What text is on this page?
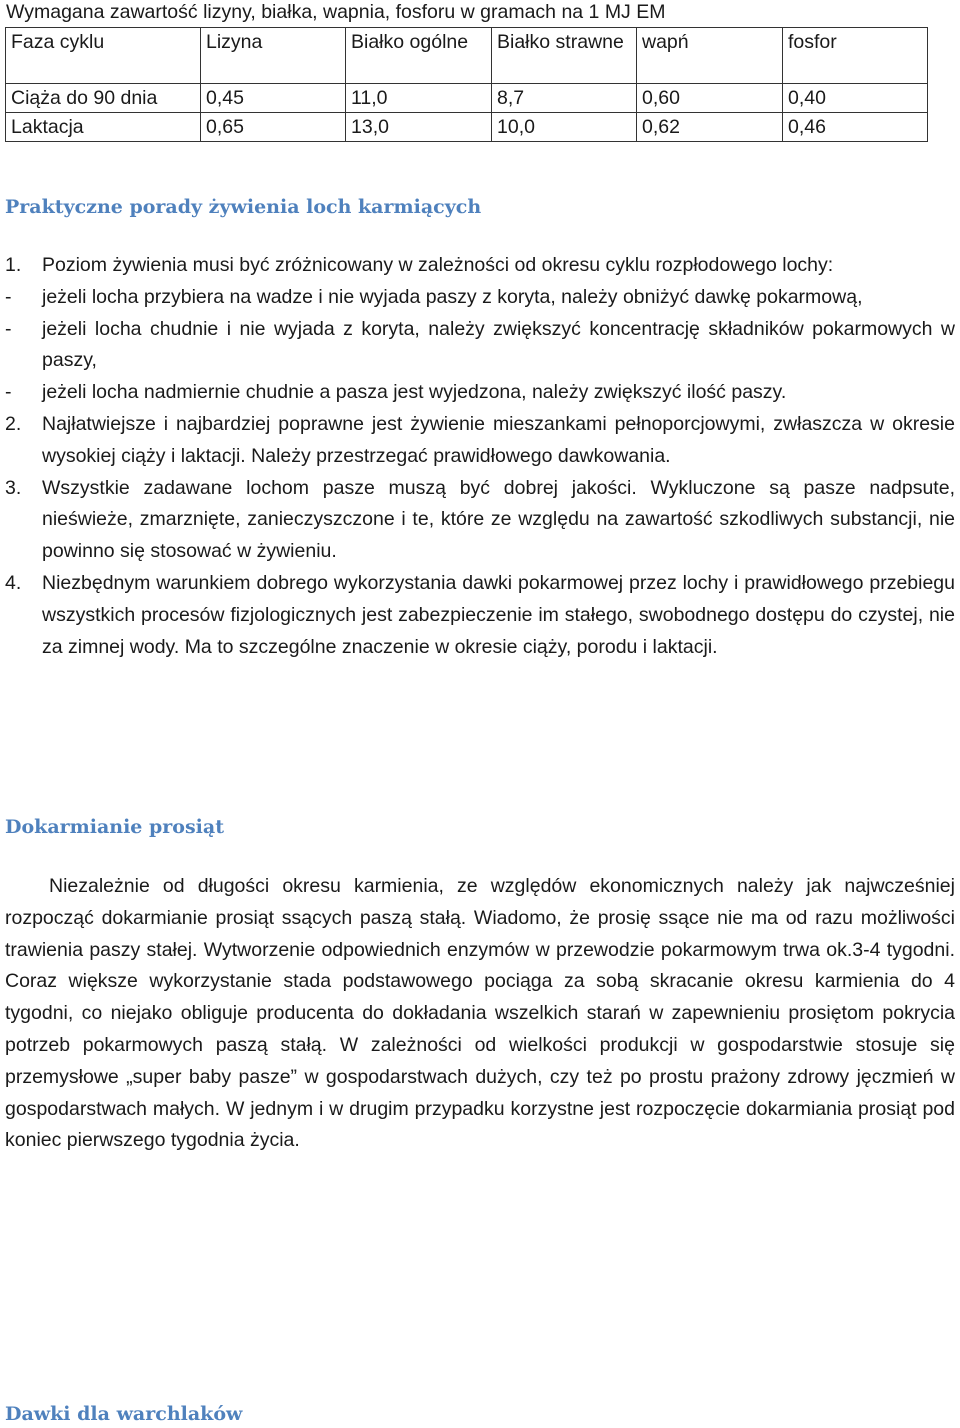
Wymagana zawartość lizyny, białka, wapnia, fosforu w gramach na 1 MJ EM
Faza cyklu	Lizyna	Białko ogólne	Białko strawne	wapń	fosfor
Ciąża do 90 dnia	0,45	11,0	8,7	0,60	0,40
Laktacja	0,65	13,0	10,0	0,62	0,46
Praktyczne porady żywienia loch karmiących
1.	Poziom żywienia musi być zróżnicowany w zależności od okresu cyklu rozpłodowego lochy:
-	jeżeli locha przybiera na wadze i nie wyjada paszy z koryta, należy obniżyć dawkę pokarmową,
-	jeżeli locha chudnie i nie wyjada z koryta, należy zwiększyć koncentrację składników pokarmowych w paszy,
-	jeżeli locha nadmiernie chudnie a pasza jest wyjedzona, należy zwiększyć ilość paszy.
2.	Najłatwiejsze i najbardziej poprawne jest żywienie mieszankami pełnoporcjowymi, zwłaszcza w okresie wysokiej ciąży i laktacji. Należy przestrzegać prawidłowego dawkowania.
3.	Wszystkie zadawane lochom pasze muszą być dobrej jakości. Wykluczone są pasze nadpsute, nieświeże, zmarznięte, zanieczyszczone i te, które ze względu na zawartość szkodliwych substancji, nie powinno się stosować w żywieniu.
4.	Niezbędnym warunkiem dobrego wykorzystania dawki pokarmowej przez lochy i prawidłowego przebiegu wszystkich procesów fizjologicznych jest zabezpieczenie im stałego, swobodnego dostępu do czystej, nie za zimnej wody. Ma to szczególne znaczenie w okresie ciąży, porodu i laktacji.
Dokarmianie prosiąt
Niezależnie od długości okresu karmienia, ze względów ekonomicznych należy jak najwcześniej rozpocząć dokarmianie prosiąt ssących paszą stałą. Wiadomo, że prosię ssące nie ma od razu możliwości trawienia paszy stałej. Wytworzenie odpowiednich enzymów w przewodzie pokarmowym trwa ok.3-4 tygodni. Coraz większe wykorzystanie stada podstawowego pociąga za sobą skracanie okresu karmienia do 4 tygodni, co niejako obliguje producenta do dokładania wszelkich starań w zapewnieniu prosiętom pokrycia potrzeb pokarmowych paszą stałą. W zależności od wielkości produkcji w gospodarstwie stosuje się przemysłowe „super baby pasze” w gospodarstwach dużych, czy też po prostu prażony zdrowy jęczmień w gospodarstwach małych. W jednym i w drugim przypadku korzystne jest rozpoczęcie dokarmiania prosiąt pod koniec pierwszego tygodnia życia.
Dawki dla warchlaków
